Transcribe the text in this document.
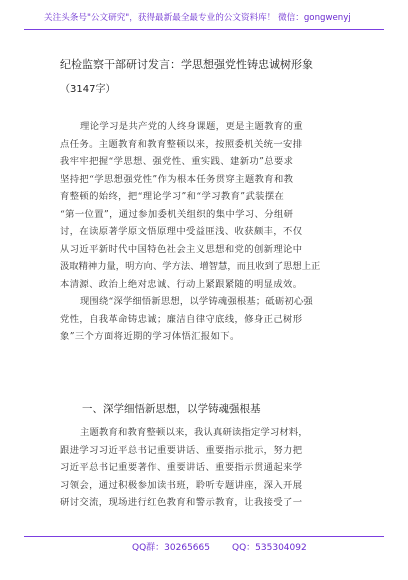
关注头条号"公文研究"，获得最新最全最专业的公文资料库！ 微信：gongwenyj
纪检监察干部研讨发言：学思想强党性铸忠诚树形象
（3147字）
理论学习是共产党的人终身课题，更是主题教育的重
点任务。主题教育和教育整顿以来，按照委机关统一安排
我牢牢把握“学思想、强党性、重实践、建新功”总要求
坚持把“学思想强党性”作为根本任务贯穿主题教育和教
育整顿的始终，把“理论学习”和“学习教育”武装摆在
“第一位置”，通过参加委机关组织的集中学习、分组研
讨，在读原著学原文悟原理中受益匪浅、收获颇丰，不仅
从习近平新时代中国特色社会主义思想和党的创新理论中
汲取精神力量，明方向、学方法、增智慧，而且收到了思想上正
本清源、政治上绝对忠诚、行动上紧跟紧随的明显成效。
现围绕“深学细悟新思想，以学铸魂强根基；砥砺初心强
党性，自我革命铸忠诚；廉洁自律守底线，修身正己树形
象”三个方面将近期的学习体悟汇报如下。
一、深学细悟新思想，以学铸魂强根基
主题教育和教育整顿以来，我认真研读指定学习材料，
跟进学习习近平总书记重要讲话、重要指示批示，努力把
习近平总书记重要著作、重要讲话、重要指示贯通起来学
习领会，通过积极参加读书班，聆听专题讲座，深入开展
研讨交流，现场进行红色教育和警示教育，让我接受了一
QQ群：30265665 QQ：535304092
